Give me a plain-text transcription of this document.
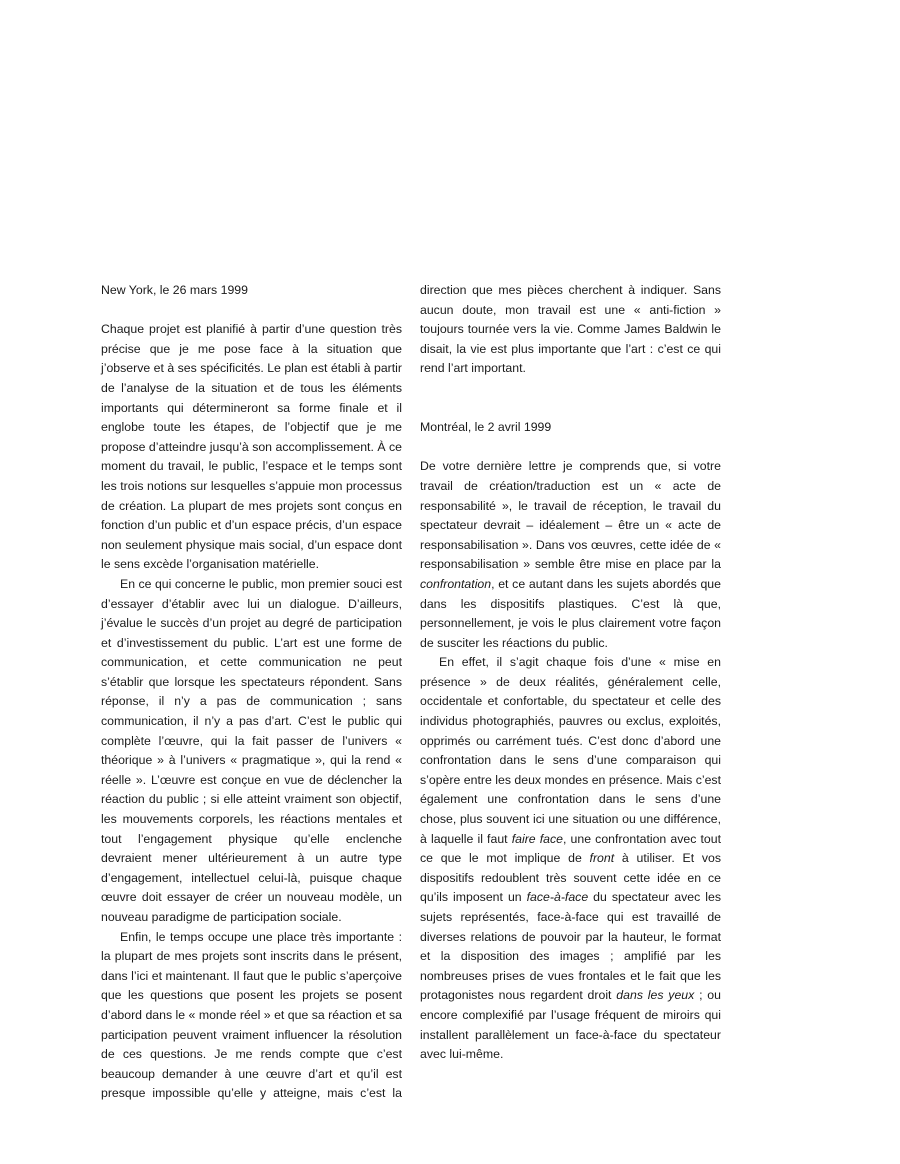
New York, le 26 mars 1999

Chaque projet est planifié à partir d’une question très précise que je me pose face à la situation que j’observe et à ses spécificités. Le plan est établi à partir de l’analyse de la situation et de tous les éléments importants qui détermineront sa forme finale et il englobe toute les étapes, de l’objectif que je me propose d’atteindre jusqu’à son accomplissement. À ce moment du travail, le public, l’espace et le temps sont les trois notions sur lesquelles s’appuie mon processus de création. La plupart de mes projets sont conçus en fonction d’un public et d’un espace précis, d’un espace non seulement physique mais social, d’un espace dont le sens excède l’organisation matérielle.

En ce qui concerne le public, mon premier souci est d’essayer d’établir avec lui un dialogue. D’ailleurs, j’évalue le succès d’un projet au degré de participation et d’investissement du public. L’art est une forme de communication, et cette communication ne peut s’établir que lorsque les spectateurs répondent. Sans réponse, il n’y a pas de communication ; sans communication, il n’y a pas d’art. C’est le public qui complète l’œuvre, qui la fait passer de l’univers « théorique » à l’univers « pragmatique », qui la rend « réelle ». L’œuvre est conçue en vue de déclencher la réaction du public ; si elle atteint vraiment son objectif, les mouvements corporels, les réactions mentales et tout l’engagement physique qu’elle enclenche devraient mener ultérieurement à un autre type d’engagement, intellectuel celui-là, puisque chaque œuvre doit essayer de créer un nouveau modèle, un nouveau paradigme de participation sociale.

Enfin, le temps occupe une place très importante : la plupart de mes projets sont inscrits dans le présent, dans l’ici et maintenant. Il faut que le public s’aperçoive que les questions que posent les projets se posent d’abord dans le « monde réel » et que sa réaction et sa participation peuvent vraiment influencer la résolution de ces questions. Je me rends compte que c’est beaucoup demander à une œuvre d’art et qu’il est presque impossible qu’elle y atteigne, mais c’est la

direction que mes pièces cherchent à indiquer. Sans aucun doute, mon travail est une « anti-fiction » toujours tournée vers la vie. Comme James Baldwin le disait, la vie est plus importante que l’art : c’est ce qui rend l’art important.

Montréal, le 2 avril 1999

De votre dernière lettre je comprends que, si votre travail de création/traduction est un « acte de responsabilité », le travail de réception, le travail du spectateur devrait – idéalement – être un « acte de responsabilisation ». Dans vos œuvres, cette idée de « responsabilisation » semble être mise en place par la confrontation, et ce autant dans les sujets abordés que dans les dispositifs plastiques. C’est là que, personnellement, je vois le plus clairement votre façon de susciter les réactions du public.

En effet, il s’agit chaque fois d’une « mise en présence » de deux réalités, généralement celle, occidentale et confortable, du spectateur et celle des individus photographiés, pauvres ou exclus, exploités, opprimés ou carrément tués. C’est donc d’abord une confrontation dans le sens d’une comparaison qui s’opère entre les deux mondes en présence. Mais c’est également une confrontation dans le sens d’une chose, plus souvent ici une situation ou une différence, à laquelle il faut faire face, une confrontation avec tout ce que le mot implique de front à utiliser. Et vos dispositifs redoublent très souvent cette idée en ce qu’ils imposent un face-à-face du spectateur avec les sujets représentés, face-à-face qui est travaillé de diverses relations de pouvoir par la hauteur, le format et la disposition des images ; amplifié par les nombreuses prises de vues frontales et le fait que les protagonistes nous regardent droit dans les yeux ; ou encore complexifié par l’usage fréquent de miroirs qui installent parallèlement un face-à-face du spectateur avec lui-même.
